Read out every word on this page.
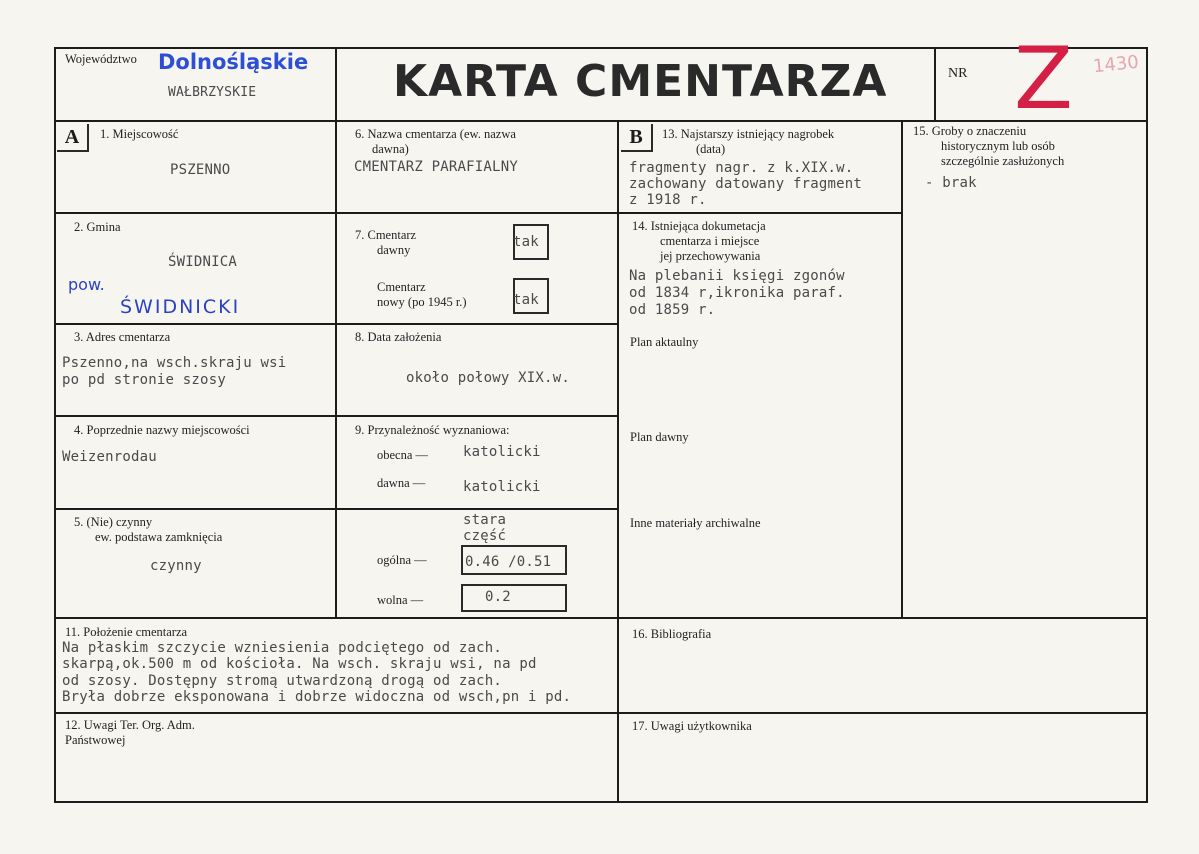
Województwo Dolnośląskie
WAŁBRZYSKIE	KARTA CMENTARZA	NR Z 1430
A	B
1. Miejscowość
PSZENNO
2. Gmina
ŚWIDNICA
pow.
ŚWIDNICKI
3. Adres cmentarza
Pszenno,na wsch.skraju wsi
po pd stronie szosy
4. Poprzednie nazwy miejscowości
Weizenrodau
5. (Nie) czynny
ew. podstawa zamknięcia
czynny
6. Nazwa cmentarza (ew. nazwa
dawna)
CMENTARZ PARAFIALNY
7. Cmentarz
dawny	tak
Cmentarz
nowy (po 1945 r.)	tak
8. Data założenia
około połowy XIX.w.
9. Przynależność wyznaniowa:
obecna — katolicki
dawna —	katolicki
stara
część
ogólna —	0.46 /0.51
wolna —	0.2
13. Najstarszy istniejący nagrobek
(data)
fragmenty nagr. z k.XIX.w.
zachowany datowany fragment
z 1918 r.
14. Istniejąca dokumetacja
cmentarza i miejsce
jej przechowywania
Na plebanii księgi zgonów
od 1834 r,ikronika paraf.
od 1859 r.
Plan aktaulny
Plan dawny
Inne materiały archiwalne
15. Groby o znaczeniu
historycznym lub osób
szczególnie zasłużonych
- brak
11. Położenie cmentarza
Na płaskim szczycie wzniesienia podciętego od zach.
skarpą,ok.500 m od kościoła. Na wsch. skraju wsi, na pd
od szosy. Dostępny stromą utwardzoną drogą od zach.
Bryła dobrze eksponowana i dobrze widoczna od wsch,pn i pd.
16. Bibliografia
12. Uwagi Ter. Org. Adm.
Państwowej
17. Uwagi użytkownika
